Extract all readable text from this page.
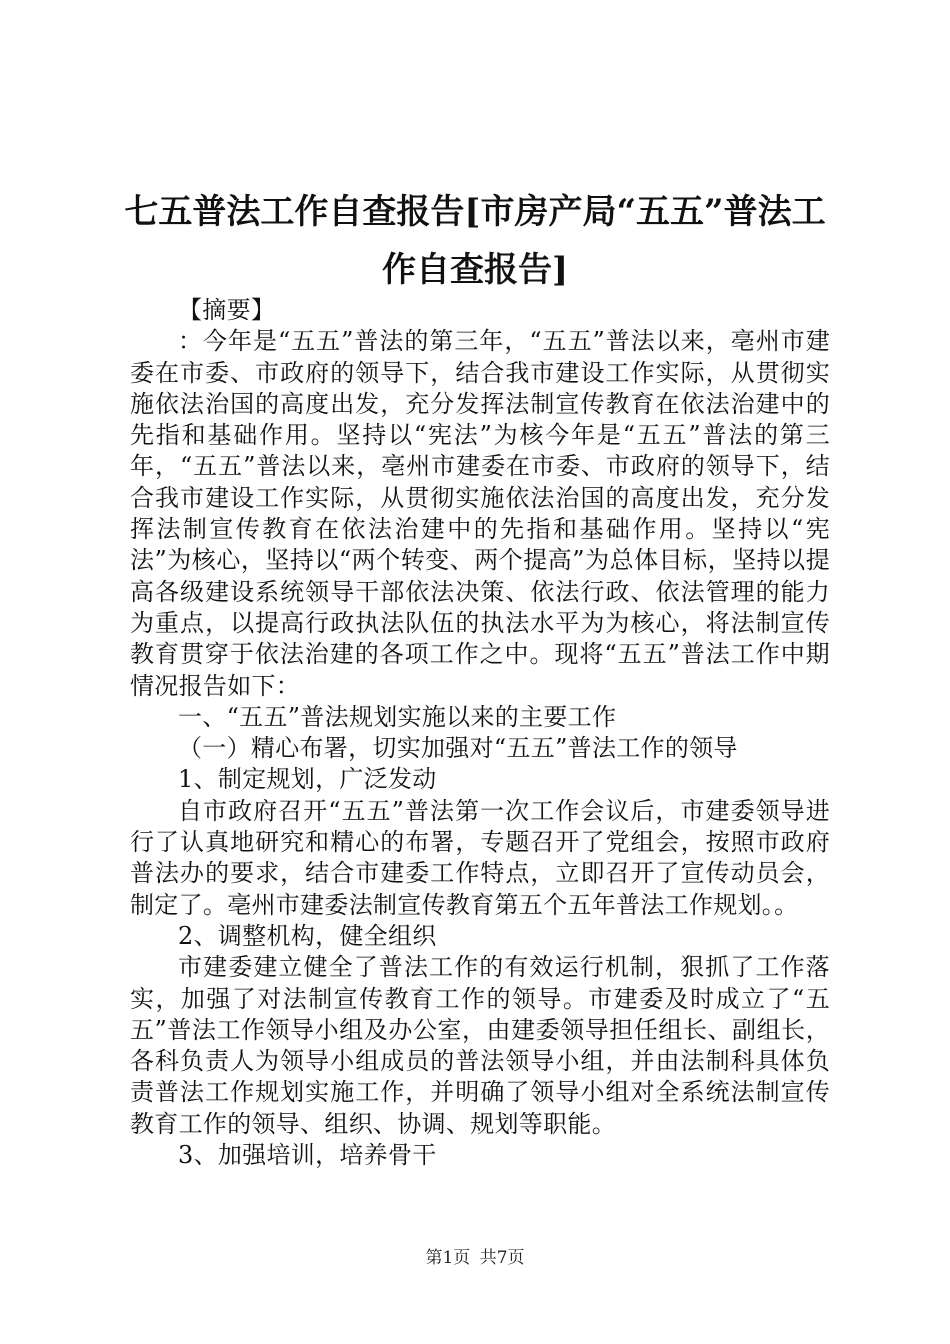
七五普法工作自查报告[市房产局“五五”普法工作自查报告]

【摘要】

：今年是“五五”普法的第三年，“五五”普法以来，亳州市建委在市委、市政府的领导下，结合我市建设工作实际，从贯彻实施依法治国的高度出发，充分发挥法制宣传教育在依法治建中的先指和基础作用。坚持以“宪法”为核今年是“五五”普法的第三年，“五五”普法以来，亳州市建委在市委、市政府的领导下，结合我市建设工作实际，从贯彻实施依法治国的高度出发，充分发挥法制宣传教育在依法治建中的先指和基础作用。坚持以“宪法”为核心，坚持以“两个转变、两个提高”为总体目标，坚持以提高各级建设系统领导干部依法决策、依法行政、依法管理的能力为重点，以提高行政执法队伍的执法水平为为核心，将法制宣传教育贯穿于依法治建的各项工作之中。现将“五五”普法工作中期情况报告如下：

一、“五五”普法规划实施以来的主要工作

（一）精心布署，切实加强对“五五”普法工作的领导

1、制定规划，广泛发动

自市政府召开“五五”普法第一次工作会议后，市建委领导进行了认真地研究和精心的布署，专题召开了党组会，按照市政府普法办的要求，结合市建委工作特点，立即召开了宣传动员会，制定了。亳州市建委法制宣传教育第五个五年普法工作规划。。

2、调整机构，健全组织

市建委建立健全了普法工作的有效运行机制，狠抓了工作落实，加强了对法制宣传教育工作的领导。市建委及时成立了“五五”普法工作领导小组及办公室，由建委领导担任组长、副组长，各科负责人为领导小组成员的普法领导小组，并由法制科具体负责普法工作规划实施工作，并明确了领导小组对全系统法制宣传教育工作的领导、组织、协调、规划等职能。

3、加强培训，培养骨干

第1页 共7页
